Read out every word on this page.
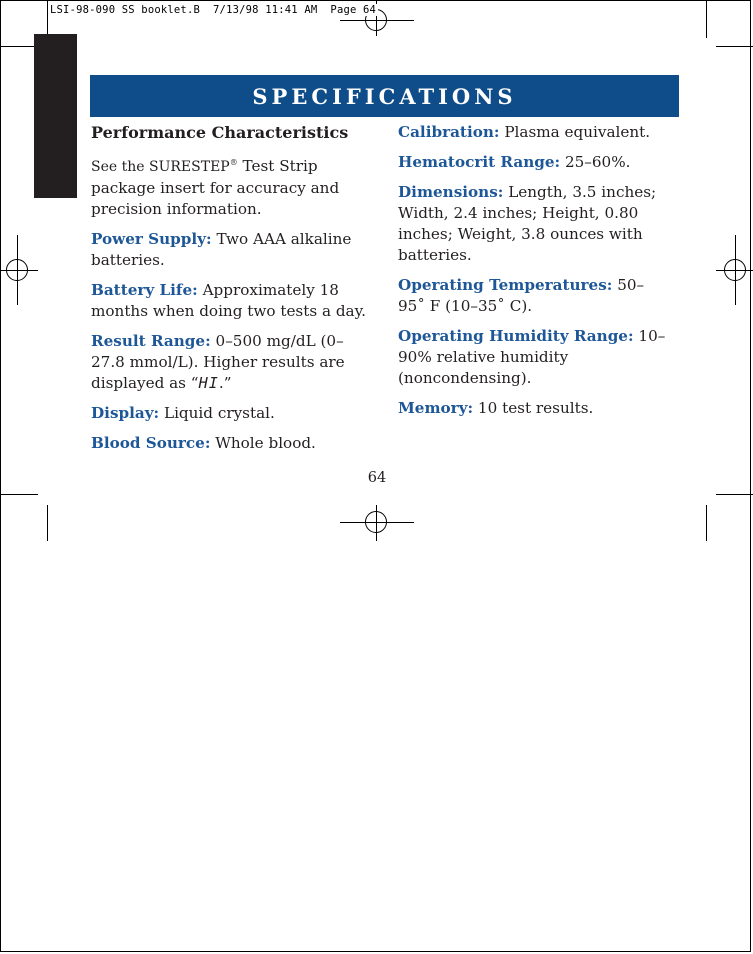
LSI-98-090 SS booklet.B  7/13/98 11:41 AM  Page 64
SPECIFICATIONS

Performance Characteristics

See the SURESTEP® Test Strip package insert for accuracy and precision information.

Power Supply: Two AAA alkaline batteries.

Battery Life: Approximately 18 months when doing two tests a day.

Result Range: 0–500 mg/dL (0–27.8 mmol/L). Higher results are displayed as “HI.”

Display: Liquid crystal.

Blood Source: Whole blood.

Calibration: Plasma equivalent.

Hematocrit Range: 25–60%.

Dimensions: Length, 3.5 inches; Width, 2.4 inches; Height, 0.80 inches; Weight, 3.8 ounces with batteries.

Operating Temperatures: 50–95˚ F (10–35˚ C).

Operating Humidity Range: 10–90% relative humidity (noncondensing).

Memory: 10 test results.

64
